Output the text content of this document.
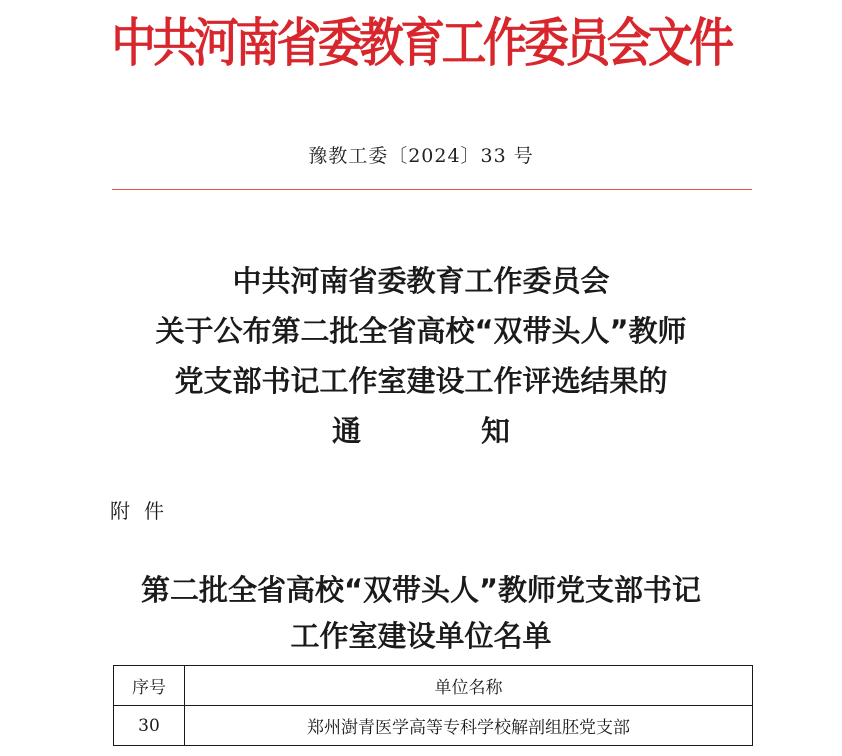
中共河南省委教育工作委员会文件
豫教工委〔2024〕33 号
中共河南省委教育工作委员会
关于公布第二批全省高校“双带头人”教师
党支部书记工作室建设工作评选结果的
通	知
附件
第二批全省高校“双带头人”教师党支部书记
工作室建设单位名单
序号	单位名称
30	郑州澍青医学高等专科学校解剖组胚党支部
